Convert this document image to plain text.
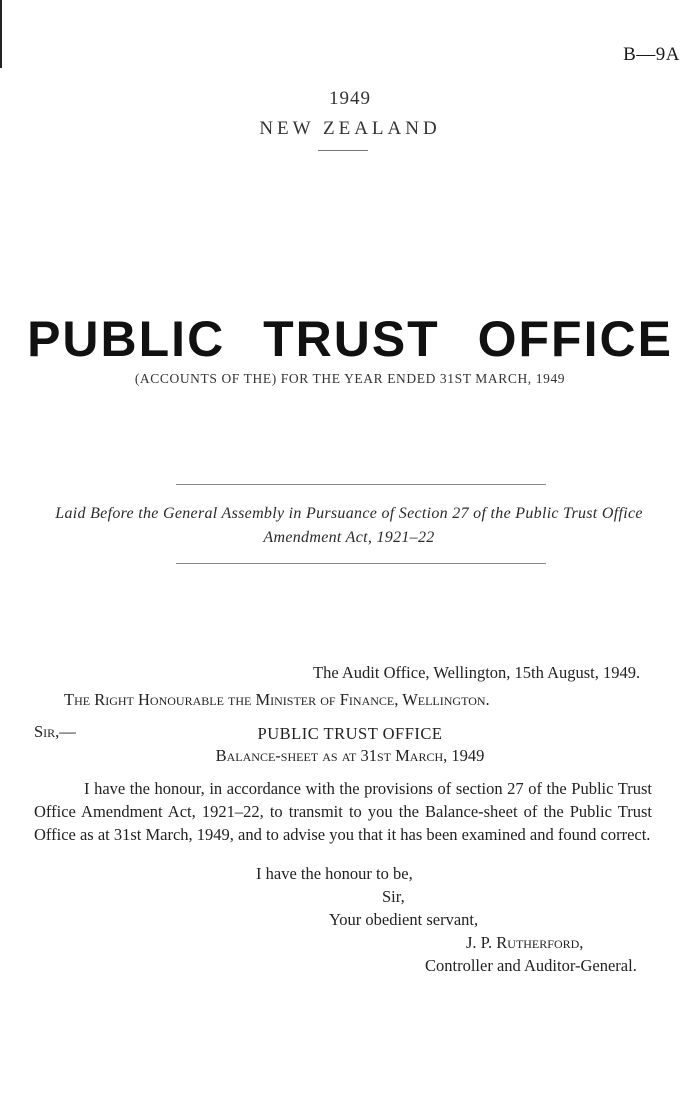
B—9A
1949
NEW ZEALAND
PUBLIC TRUST OFFICE
(ACCOUNTS OF THE) FOR THE YEAR ENDED 31ST MARCH, 1949
Laid Before the General Assembly in Pursuance of Section 27 of the Public Trust Office
Amendment Act, 1921–22
The Audit Office, Wellington, 15th August, 1949.
The Right Honourable the Minister of Finance, Wellington.
Sir,—	PUBLIC TRUST OFFICE
Balance-sheet as at 31st March, 1949
I have the honour, in accordance with the provisions of section 27 of the Public Trust Office Amendment Act, 1921–22, to transmit to you the Balance-sheet of the Public Trust Office as at 31st March, 1949, and to advise you that it has been examined and found correct.
I have the honour to be,
Sir,
Your obedient servant,
J. P. Rutherford,
Controller and Auditor-General.
